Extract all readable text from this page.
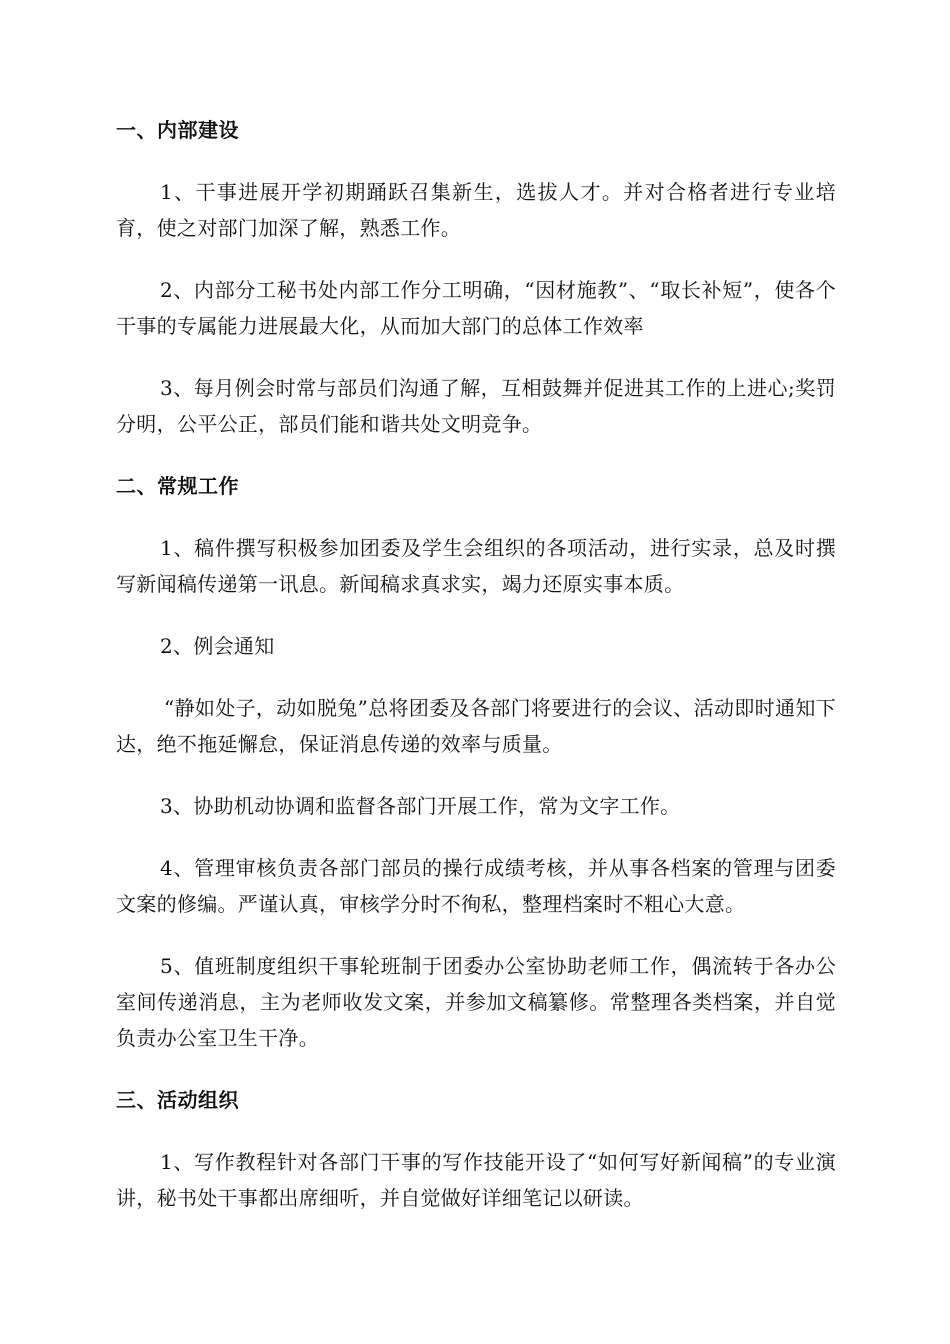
一、内部建设

1、干事进展开学初期踊跃召集新生，选拔人才。并对合格者进行专业培育，使之对部门加深了解，熟悉工作。

2、内部分工秘书处内部工作分工明确，“因材施教”、“取长补短”，使各个干事的专属能力进展最大化，从而加大部门的总体工作效率

3、每月例会时常与部员们沟通了解，互相鼓舞并促进其工作的上进心;奖罚分明，公平公正，部员们能和谐共处文明竞争。

二、常规工作

1、稿件撰写积极参加团委及学生会组织的各项活动，进行实录，总及时撰写新闻稿传递第一讯息。新闻稿求真求实，竭力还原实事本质。

2、例会通知

“静如处子，动如脱兔”总将团委及各部门将要进行的会议、活动即时通知下达，绝不拖延懈怠，保证消息传递的效率与质量。

3、协助机动协调和监督各部门开展工作，常为文字工作。

4、管理审核负责各部门部员的操行成绩考核，并从事各档案的管理与团委文案的修编。严谨认真，审核学分时不徇私，整理档案时不粗心大意。

5、值班制度组织干事轮班制于团委办公室协助老师工作，偶流转于各办公室间传递消息，主为老师收发文案，并参加文稿纂修。常整理各类档案，并自觉负责办公室卫生干净。

三、活动组织

1、写作教程针对各部门干事的写作技能开设了“如何写好新闻稿”的专业演讲，秘书处干事都出席细听，并自觉做好详细笔记以研读。
